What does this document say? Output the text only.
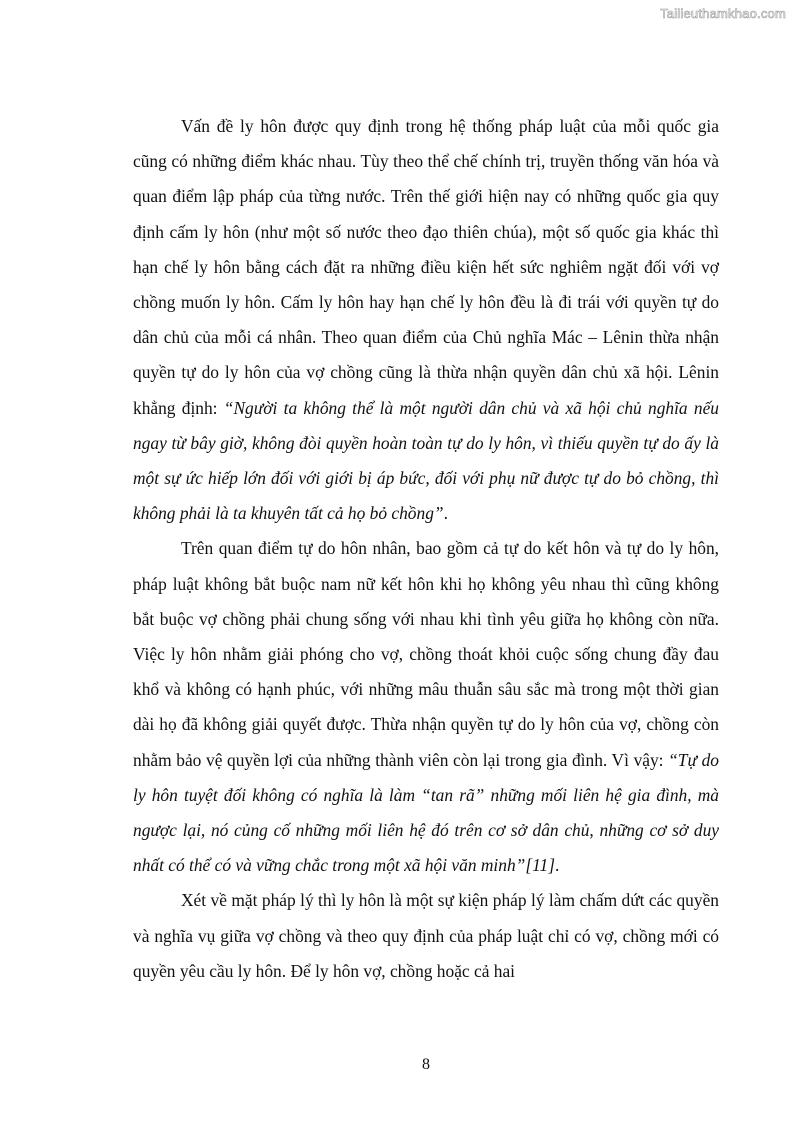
Tailieuthamkhao.com

Vấn đề ly hôn được quy định trong hệ thống pháp luật của mỗi quốc gia cũng có những điểm khác nhau. Tùy theo thể chế chính trị, truyền thống văn hóa và quan điểm lập pháp của từng nước. Trên thế giới hiện nay có những quốc gia quy định cấm ly hôn (như một số nước theo đạo thiên chúa), một số quốc gia khác thì hạn chế ly hôn bằng cách đặt ra những điều kiện hết sức nghiêm ngặt đối với vợ chồng muốn ly hôn. Cấm ly hôn hay hạn chế ly hôn đều là đi trái với quyền tự do dân chủ của mỗi cá nhân. Theo quan điểm của Chủ nghĩa Mác – Lênin thừa nhận quyền tự do ly hôn của vợ chồng cũng là thừa nhận quyền dân chủ xã hội. Lênin khẳng định: “Người ta không thể là một người dân chủ và xã hội chủ nghĩa nếu ngay từ bây giờ, không đòi quyền hoàn toàn tự do ly hôn, vì thiếu quyền tự do ấy là một sự ức hiếp lớn đối với giới bị áp bức, đối với phụ nữ được tự do bỏ chồng, thì không phải là ta khuyên tất cả họ bỏ chồng”.

Trên quan điểm tự do hôn nhân, bao gồm cả tự do kết hôn và tự do ly hôn, pháp luật không bắt buộc nam nữ kết hôn khi họ không yêu nhau thì cũng không bắt buộc vợ chồng phải chung sống với nhau khi tình yêu giữa họ không còn nữa. Việc ly hôn nhằm giải phóng cho vợ, chồng thoát khỏi cuộc sống chung đầy đau khổ và không có hạnh phúc, với những mâu thuẫn sâu sắc mà trong một thời gian dài họ đã không giải quyết được. Thừa nhận quyền tự do ly hôn của vợ, chồng còn nhằm bảo vệ quyền lợi của những thành viên còn lại trong gia đình. Vì vậy: “Tự do ly hôn tuyệt đối không có nghĩa là làm “tan rã” những mối liên hệ gia đình, mà ngược lại, nó củng cố những mối liên hệ đó trên cơ sở dân chủ, những cơ sở duy nhất có thể có và vững chắc trong một xã hội văn minh”[11].

Xét về mặt pháp lý thì ly hôn là một sự kiện pháp lý làm chấm dứt các quyền và nghĩa vụ giữa vợ chồng và theo quy định của pháp luật chỉ có vợ, chồng mới có quyền yêu cầu ly hôn. Để ly hôn vợ, chồng hoặc cả hai

8
